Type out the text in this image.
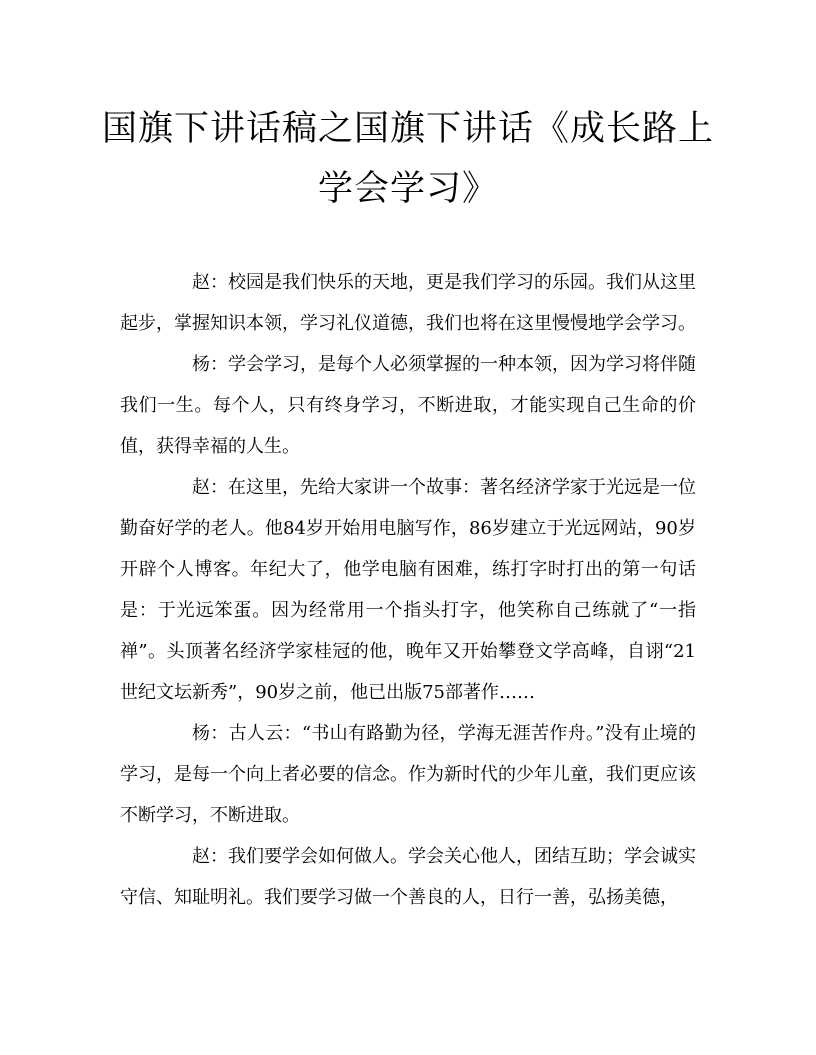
国旗下讲话稿之国旗下讲话《成长路上
学会学习》

赵：校园是我们快乐的天地，更是我们学习的乐园。我们从这里起步，掌握知识本领，学习礼仪道德，我们也将在这里慢慢地学会学习。

杨：学会学习，是每个人必须掌握的一种本领，因为学习将伴随我们一生。每个人，只有终身学习，不断进取，才能实现自己生命的价值，获得幸福的人生。

赵：在这里，先给大家讲一个故事：著名经济学家于光远是一位勤奋好学的老人。他84岁开始用电脑写作，86岁建立于光远网站，90岁开辟个人博客。年纪大了，他学电脑有困难，练打字时打出的第一句话是：于光远笨蛋。因为经常用一个指头打字，他笑称自己练就了“一指禅”。头顶著名经济学家桂冠的他，晚年又开始攀登文学高峰，自诩“21世纪文坛新秀”，90岁之前，他已出版75部著作……

杨：古人云：“书山有路勤为径，学海无涯苦作舟。”没有止境的学习，是每一个向上者必要的信念。作为新时代的少年儿童，我们更应该不断学习，不断进取。

赵：我们要学会如何做人。学会关心他人，团结互助；学会诚实守信、知耻明礼。我们要学习做一个善良的人，日行一善，弘扬美德，
